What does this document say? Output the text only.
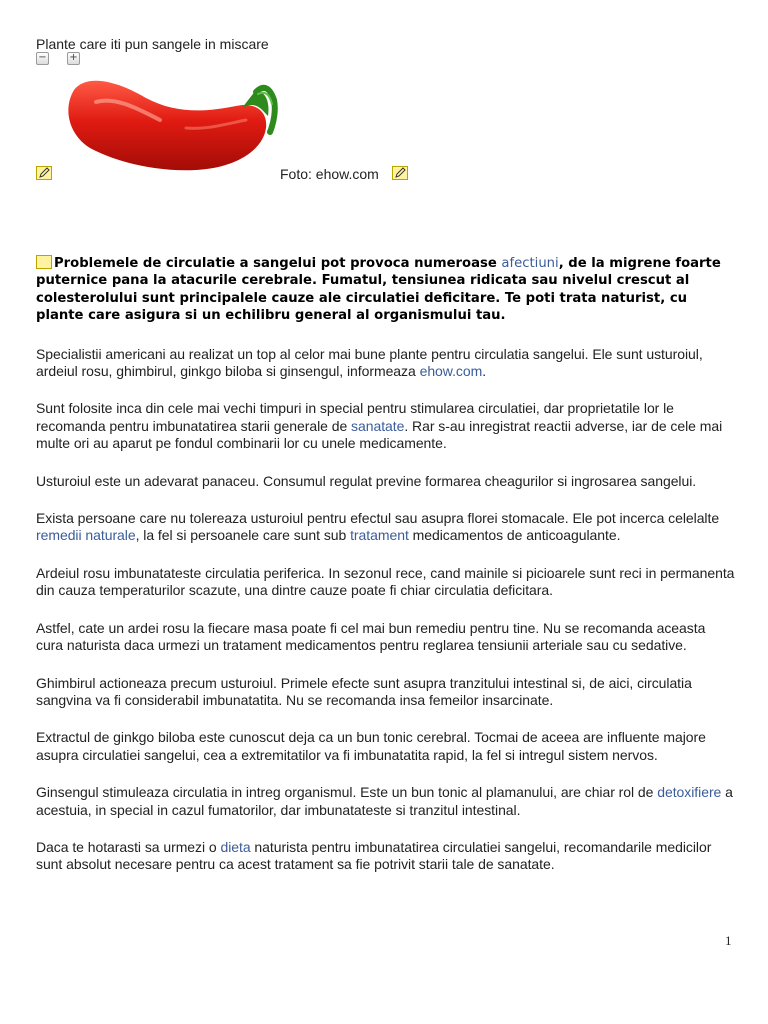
Plante care iti pun sangele in miscare
− +
Foto: ehow.com

Problemele de circulatie a sangelui pot provoca numeroase afectiuni, de la migrene foarte puternice pana la atacurile cerebrale. Fumatul, tensiunea ridicata sau nivelul crescut al colesterolului sunt principalele cauze ale circulatiei deficitare. Te poti trata naturist, cu plante care asigura si un echilibru general al organismului tau.

Specialistii americani au realizat un top al celor mai bune plante pentru circulatia sangelui. Ele sunt usturoiul, ardeiul rosu, ghimbirul, ginkgo biloba si ginsengul, informeaza ehow.com.

Sunt folosite inca din cele mai vechi timpuri in special pentru stimularea circulatiei, dar proprietatile lor le recomanda pentru imbunatatirea starii generale de sanatate. Rar s-au inregistrat reactii adverse, iar de cele mai multe ori au aparut pe fondul combinarii lor cu unele medicamente.

Usturoiul este un adevarat panaceu. Consumul regulat previne formarea cheagurilor si ingrosarea sangelui.

Exista persoane care nu tolereaza usturoiul pentru efectul sau asupra florei stomacale. Ele pot incerca celelalte remedii naturale, la fel si persoanele care sunt sub tratament medicamentos de anticoagulante.

Ardeiul rosu imbunatateste circulatia periferica. In sezonul rece, cand mainile si picioarele sunt reci in permanenta din cauza temperaturilor scazute, una dintre cauze poate fi chiar circulatia deficitara.

Astfel, cate un ardei rosu la fiecare masa poate fi cel mai bun remediu pentru tine. Nu se recomanda aceasta cura naturista daca urmezi un tratament medicamentos pentru reglarea tensiunii arteriale sau cu sedative.

Ghimbirul actioneaza precum usturoiul. Primele efecte sunt asupra tranzitului intestinal si, de aici, circulatia sangvina va fi considerabil imbunatatita. Nu se recomanda insa femeilor insarcinate.

Extractul de ginkgo biloba este cunoscut deja ca un bun tonic cerebral. Tocmai de aceea are influente majore asupra circulatiei sangelui, cea a extremitatilor va fi imbunatatita rapid, la fel si intregul sistem nervos.

Ginsengul stimuleaza circulatia in intreg organismul. Este un bun tonic al plamanului, are chiar rol de detoxifiere a acestuia, in special in cazul fumatorilor, dar imbunatateste si tranzitul intestinal.

Daca te hotarasti sa urmezi o dieta naturista pentru imbunatatirea circulatiei sangelui, recomandarile medicilor sunt absolut necesare pentru ca acest tratament sa fie potrivit starii tale de sanatate.

1
